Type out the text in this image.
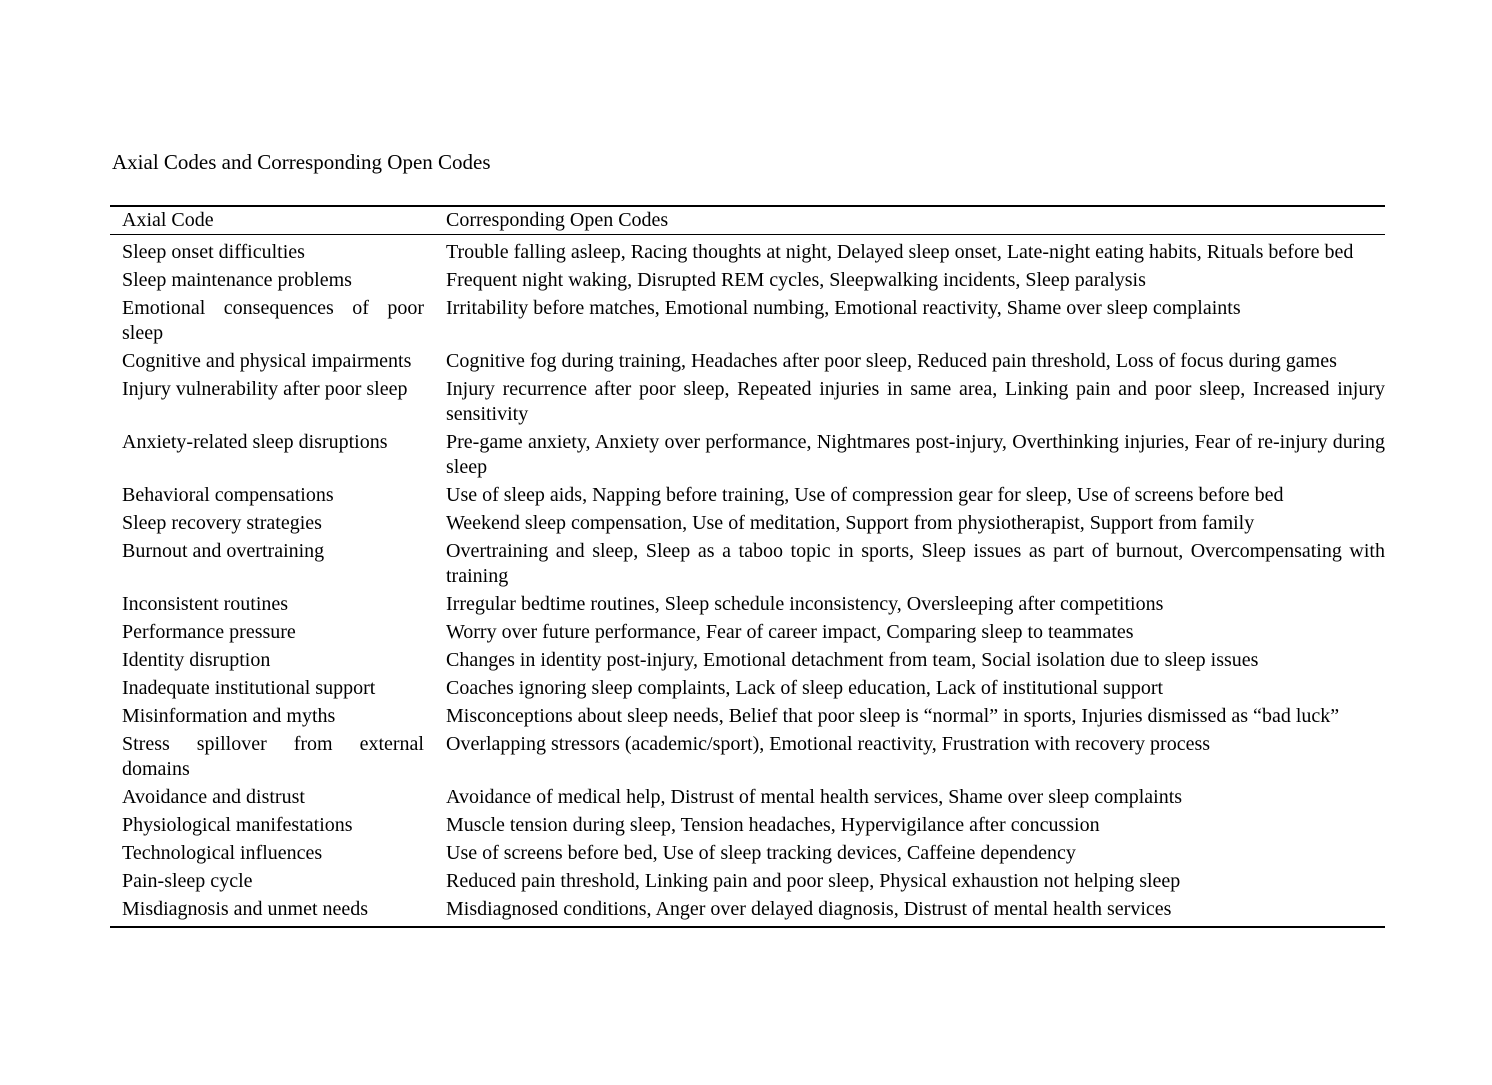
Axial Codes and Corresponding Open Codes
Axial Code	Corresponding Open Codes
Sleep onset difficulties	Trouble falling asleep, Racing thoughts at night, Delayed sleep onset, Late-night eating habits, Rituals before bed
Sleep maintenance problems	Frequent night waking, Disrupted REM cycles, Sleepwalking incidents, Sleep paralysis
Emotional consequences of poor sleep	Irritability before matches, Emotional numbing, Emotional reactivity, Shame over sleep complaints
Cognitive and physical impairments	Cognitive fog during training, Headaches after poor sleep, Reduced pain threshold, Loss of focus during games
Injury vulnerability after poor sleep	Injury recurrence after poor sleep, Repeated injuries in same area, Linking pain and poor sleep, Increased injury sensitivity
Anxiety-related sleep disruptions	Pre-game anxiety, Anxiety over performance, Nightmares post-injury, Overthinking injuries, Fear of re-injury during sleep
Behavioral compensations	Use of sleep aids, Napping before training, Use of compression gear for sleep, Use of screens before bed
Sleep recovery strategies	Weekend sleep compensation, Use of meditation, Support from physiotherapist, Support from family
Burnout and overtraining	Overtraining and sleep, Sleep as a taboo topic in sports, Sleep issues as part of burnout, Overcompensating with training
Inconsistent routines	Irregular bedtime routines, Sleep schedule inconsistency, Oversleeping after competitions
Performance pressure	Worry over future performance, Fear of career impact, Comparing sleep to teammates
Identity disruption	Changes in identity post-injury, Emotional detachment from team, Social isolation due to sleep issues
Inadequate institutional support	Coaches ignoring sleep complaints, Lack of sleep education, Lack of institutional support
Misinformation and myths	Misconceptions about sleep needs, Belief that poor sleep is “normal” in sports, Injuries dismissed as “bad luck”
Stress spillover from external domains	Overlapping stressors (academic/sport), Emotional reactivity, Frustration with recovery process
Avoidance and distrust	Avoidance of medical help, Distrust of mental health services, Shame over sleep complaints
Physiological manifestations	Muscle tension during sleep, Tension headaches, Hypervigilance after concussion
Technological influences	Use of screens before bed, Use of sleep tracking devices, Caffeine dependency
Pain-sleep cycle	Reduced pain threshold, Linking pain and poor sleep, Physical exhaustion not helping sleep
Misdiagnosis and unmet needs	Misdiagnosed conditions, Anger over delayed diagnosis, Distrust of mental health services
